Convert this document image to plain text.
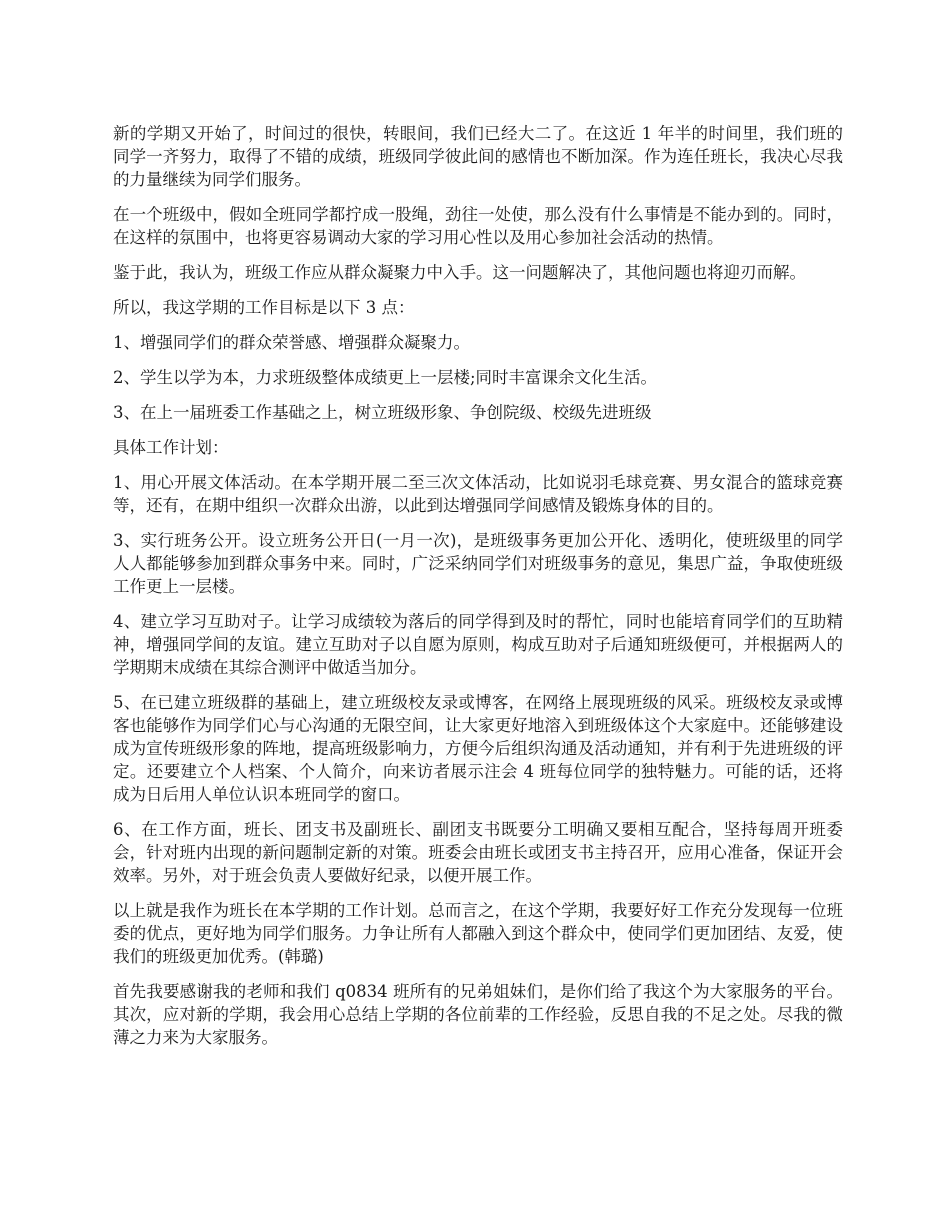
新的学期又开始了，时间过的很快，转眼间，我们已经大二了。在这近 1 年半的时间里，我们班的同学一齐努力，取得了不错的成绩，班级同学彼此间的感情也不断加深。作为连任班长，我决心尽我的力量继续为同学们服务。

在一个班级中，假如全班同学都拧成一股绳，劲往一处使，那么没有什么事情是不能办到的。同时，在这样的氛围中，也将更容易调动大家的学习用心性以及用心参加社会活动的热情。

鉴于此，我认为，班级工作应从群众凝聚力中入手。这一问题解决了，其他问题也将迎刃而解。

所以，我这学期的工作目标是以下 3 点：

1、增强同学们的群众荣誉感、增强群众凝聚力。

2、学生以学为本，力求班级整体成绩更上一层楼;同时丰富课余文化生活。

3、在上一届班委工作基础之上，树立班级形象、争创院级、校级先进班级

具体工作计划：

1、用心开展文体活动。在本学期开展二至三次文体活动，比如说羽毛球竞赛、男女混合的篮球竞赛等，还有，在期中组织一次群众出游，以此到达增强同学间感情及锻炼身体的目的。

3、实行班务公开。设立班务公开日(一月一次)，是班级事务更加公开化、透明化，使班级里的同学人人都能够参加到群众事务中来。同时，广泛采纳同学们对班级事务的意见，集思广益，争取使班级工作更上一层楼。

4、建立学习互助对子。让学习成绩较为落后的同学得到及时的帮忙，同时也能培育同学们的互助精神，增强同学间的友谊。建立互助对子以自愿为原则，构成互助对子后通知班级便可，并根据两人的学期期末成绩在其综合测评中做适当加分。

5、在已建立班级群的基础上，建立班级校友录或博客，在网络上展现班级的风采。班级校友录或博客也能够作为同学们心与心沟通的无限空间，让大家更好地溶入到班级体这个大家庭中。还能够建设成为宣传班级形象的阵地，提高班级影响力，方便今后组织沟通及活动通知，并有利于先进班级的评定。还要建立个人档案、个人简介，向来访者展示注会 4 班每位同学的独特魅力。可能的话，还将成为日后用人单位认识本班同学的窗口。

6、在工作方面，班长、团支书及副班长、副团支书既要分工明确又要相互配合，坚持每周开班委会，针对班内出现的新问题制定新的对策。班委会由班长或团支书主持召开，应用心准备，保证开会效率。另外，对于班会负责人要做好纪录，以便开展工作。

以上就是我作为班长在本学期的工作计划。总而言之，在这个学期，我要好好工作充分发现每一位班委的优点，更好地为同学们服务。力争让所有人都融入到这个群众中，使同学们更加团结、友爱，使我们的班级更加优秀。(韩璐)

首先我要感谢我的老师和我们 q0834 班所有的兄弟姐妹们，是你们给了我这个为大家服务的平台。其次，应对新的学期，我会用心总结上学期的各位前辈的工作经验，反思自我的不足之处。尽我的微薄之力来为大家服务。
